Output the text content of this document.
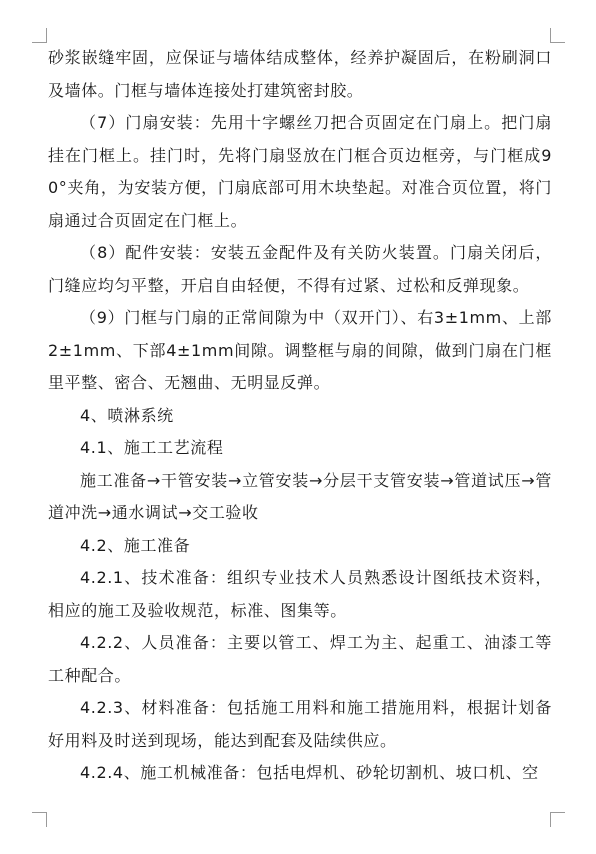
砂浆嵌缝牢固，应保证与墙体结成整体，经养护凝固后，在粉刷洞口及墙体。门框与墙体连接处打建筑密封胶。

（7）门扇安装：先用十字螺丝刀把合页固定在门扇上。把门扇挂在门框上。挂门时，先将门扇竖放在门框合页边框旁，与门框成90°夹角，为安装方便，门扇底部可用木块垫起。对准合页位置，将门扇通过合页固定在门框上。

（8）配件安装：安装五金配件及有关防火装置。门扇关闭后，门缝应均匀平整，开启自由轻便，不得有过紧、过松和反弹现象。

（9）门框与门扇的正常间隙为中（双开门）、右3±1mm、上部2±1mm、下部4±1mm间隙。调整框与扇的间隙，做到门扇在门框里平整、密合、无翘曲、无明显反弹。

4、喷淋系统

4.1、施工工艺流程

施工准备→干管安装→立管安装→分层干支管安装→管道试压→管道冲洗→通水调试→交工验收

4.2、施工准备

4.2.1、技术准备：组织专业技术人员熟悉设计图纸技术资料，相应的施工及验收规范，标准、图集等。

4.2.2、人员准备：主要以管工、焊工为主、起重工、油漆工等工种配合。

4.2.3、材料准备：包括施工用料和施工措施用料，根据计划备好用料及时送到现场，能达到配套及陆续供应。

4.2.4、施工机械准备：包括电焊机、砂轮切割机、坡口机、空
